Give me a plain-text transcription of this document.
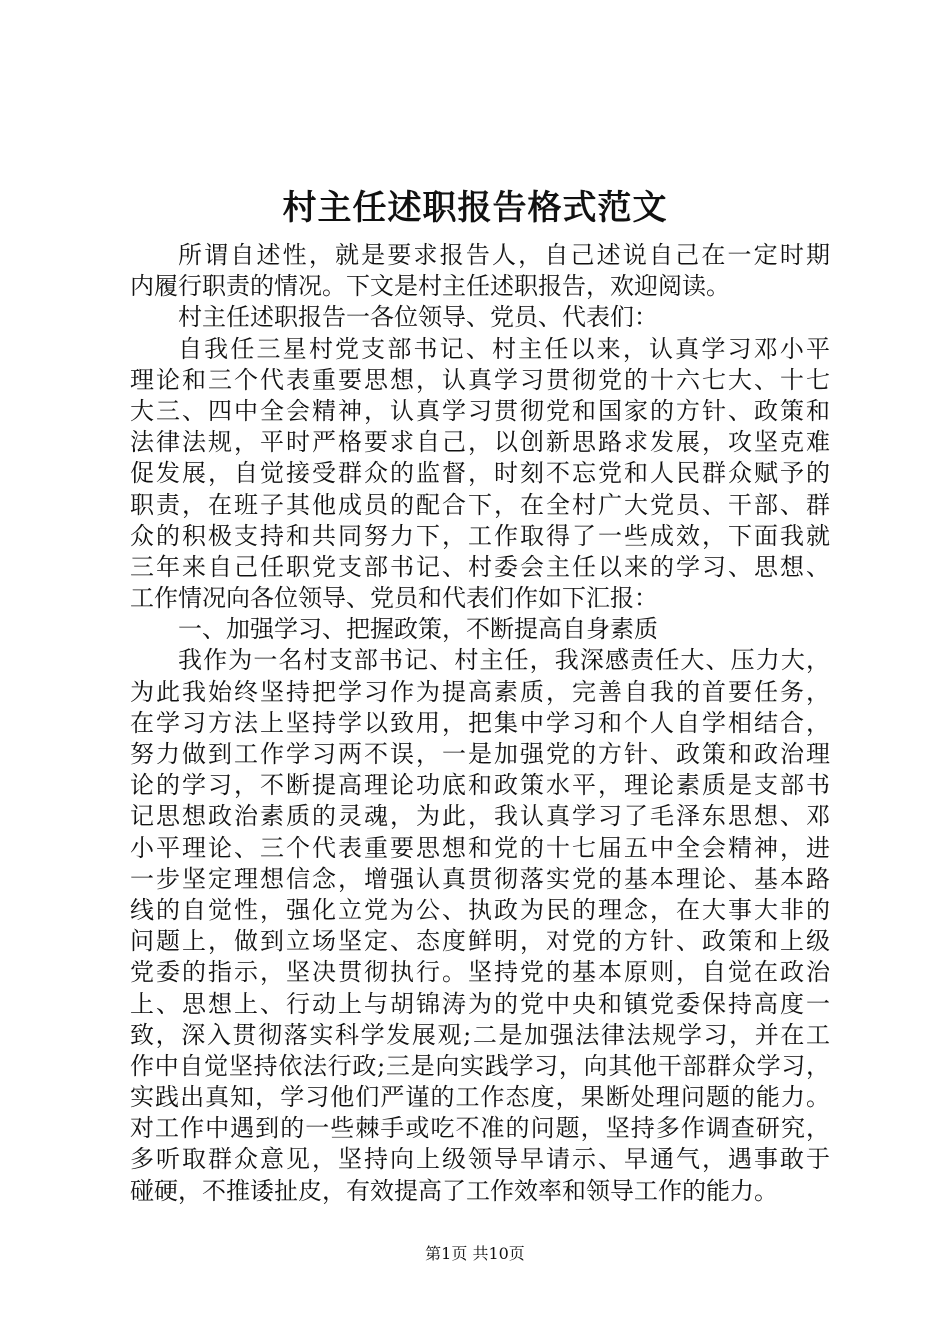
村主任述职报告格式范文
所谓自述性，就是要求报告人，自己述说自己在一定时期
内履行职责的情况。下文是村主任述职报告，欢迎阅读。
村主任述职报告一各位领导、党员、代表们：
自我任三星村党支部书记、村主任以来，认真学习邓小平
理论和三个代表重要思想，认真学习贯彻党的十六七大、十七
大三、四中全会精神，认真学习贯彻党和国家的方针、政策和
法律法规，平时严格要求自己，以创新思路求发展，攻坚克难
促发展，自觉接受群众的监督，时刻不忘党和人民群众赋予的
职责，在班子其他成员的配合下，在全村广大党员、干部、群
众的积极支持和共同努力下，工作取得了一些成效，下面我就
三年来自己任职党支部书记、村委会主任以来的学习、思想、
工作情况向各位领导、党员和代表们作如下汇报：
一、加强学习、把握政策，不断提高自身素质
我作为一名村支部书记、村主任，我深感责任大、压力大，
为此我始终坚持把学习作为提高素质，完善自我的首要任务，
在学习方法上坚持学以致用，把集中学习和个人自学相结合，
努力做到工作学习两不误，一是加强党的方针、政策和政治理
论的学习，不断提高理论功底和政策水平，理论素质是支部书
记思想政治素质的灵魂，为此，我认真学习了毛泽东思想、邓
小平理论、三个代表重要思想和党的十七届五中全会精神，进
一步坚定理想信念，增强认真贯彻落实党的基本理论、基本路
线的自觉性，强化立党为公、执政为民的理念，在大事大非的
问题上，做到立场坚定、态度鲜明，对党的方针、政策和上级
党委的指示，坚决贯彻执行。坚持党的基本原则，自觉在政治
上、思想上、行动上与胡锦涛为的党中央和镇党委保持高度一
致，深入贯彻落实科学发展观;二是加强法律法规学习，并在工
作中自觉坚持依法行政;三是向实践学习，向其他干部群众学习，
实践出真知，学习他们严谨的工作态度，果断处理问题的能力。
对工作中遇到的一些棘手或吃不准的问题，坚持多作调查研究，
多听取群众意见，坚持向上级领导早请示、早通气，遇事敢于
碰硬，不推诿扯皮，有效提高了工作效率和领导工作的能力。
第1页 共10页
